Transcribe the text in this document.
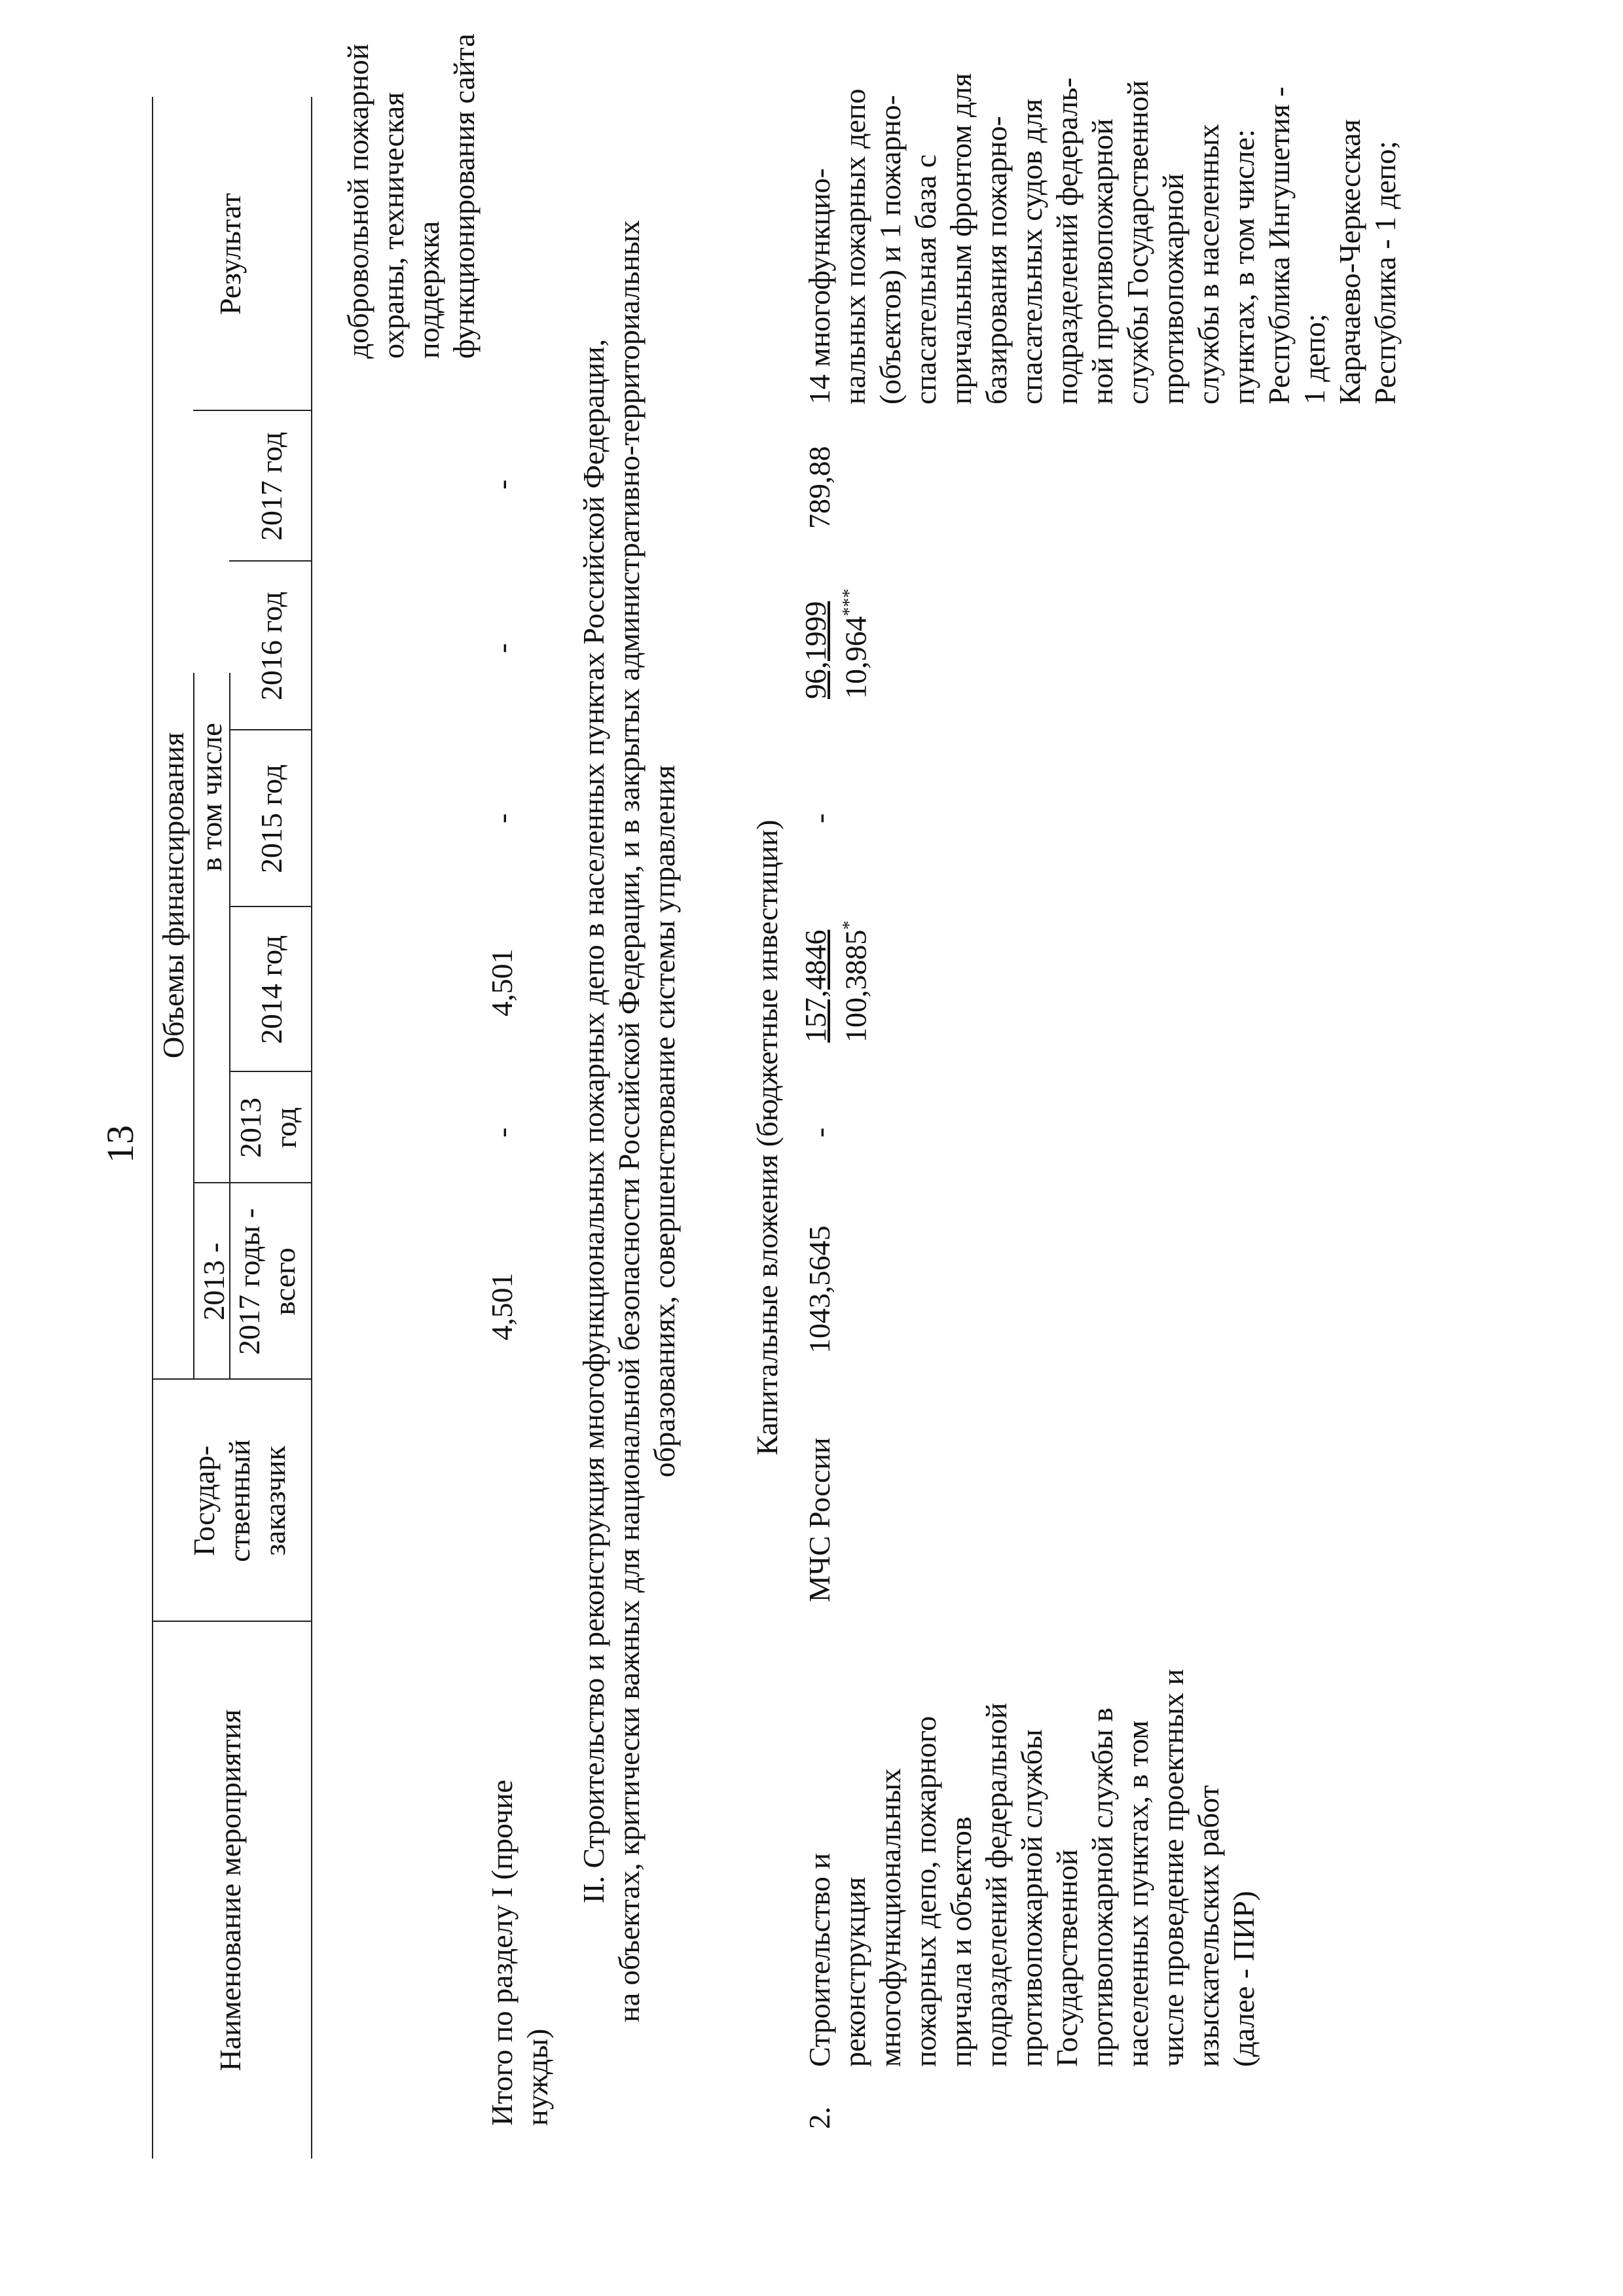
13
Наименование мероприятия
Государ- ственный заказчик
Объемы финансирования
2013 - 2017 годы - всего
в том числе
2013 год
2014 год
2015 год
2016 год
2017 год
Результат	добровольной пожарной охраны, техническая поддержка функционирования сайта
Итого по разделу I (прочие нужды)
4,501
-
4,501
-
-
- II. Строительство и реконструкция многофункциональных пожарных депо в населенных пунктах Российской Федерации, на объектах, критически важных для национальной безопасности Российской Федерации, и в закрытых административно-территориальных образованиях, совершенствование системы управления Капитальные вложения (бюджетные инвестиции)
2.
Строительство и реконструкция многофункциональных пожарных депо, пожарного причала и объектов подразделений федеральной противопожарной службы Государственной противопожарной службы в населенных пунктах, в том числе проведение проектных и изыскательских работ (далее - ПИР)
МЧС России
1043,5645
-
157,4846 100,3885*
-
96,1999 10,964***
789,88
14 многофункцио- нальных пожарных депо (объектов) и 1 пожарно- спасательная база с причальным фронтом для базирования пожарно- спасательных судов для подразделений федераль- ной противопожарной службы Государственной противопожарной службы в населенных пунктах, в том числе: Республика Ингушетия - 1 депо; Карачаево-Черкесская Республика - 1 депо;
